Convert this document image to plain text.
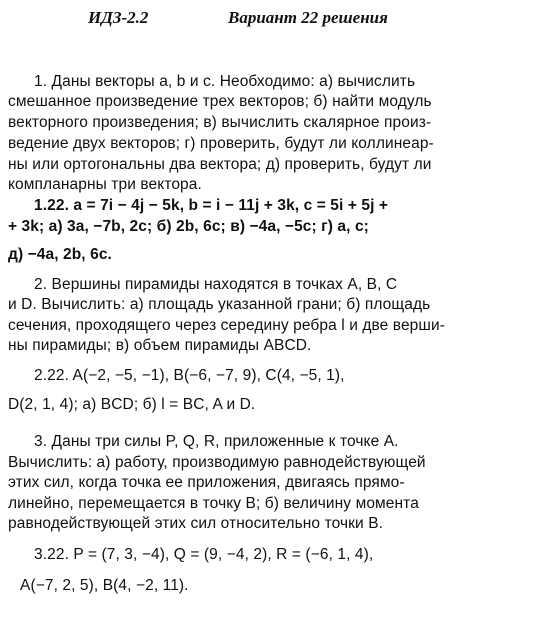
ИДЗ-2.2	Вариант 22 решения
1. Даны векторы a, b и c. Необходимо: а) вычислить
смешанное произведение трех векторов; б) найти модуль
векторного произведения; в) вычислить скалярное произ-
ведение двух векторов; г) проверить, будут ли коллинеар-
ны или ортогональны два вектора; д) проверить, будут ли
компланарны три вектора.
1.22. a = 7i − 4j − 5k, b = i − 11j + 3k, c = 5i + 5j +
+ 3k; а) 3a, −7b, 2c; б) 2b, 6c; в) −4a, −5c; г) a, c;
д) −4a, 2b, 6c.
2. Вершины пирамиды находятся в точках A, B, C
и D. Вычислить: а) площадь указанной грани; б) площадь
сечения, проходящего через середину ребра l и две верши-
ны пирамиды; в) объем пирамиды ABCD.
2.22. A(−2, −5, −1), B(−6, −7, 9), C(4, −5, 1),
D(2, 1, 4); а) BCD; б) l = BC, A и D.
3. Даны три силы P, Q, R, приложенные к точке A.
Вычислить: а) работу, производимую равнодействующей
этих сил, когда точка ее приложения, двигаясь прямо-
линейно, перемещается в точку B; б) величину момента
равнодействующей этих сил относительно точки B.
3.22. P = (7, 3, −4), Q = (9, −4, 2), R = (−6, 1, 4),
A(−7, 2, 5), B(4, −2, 11).
